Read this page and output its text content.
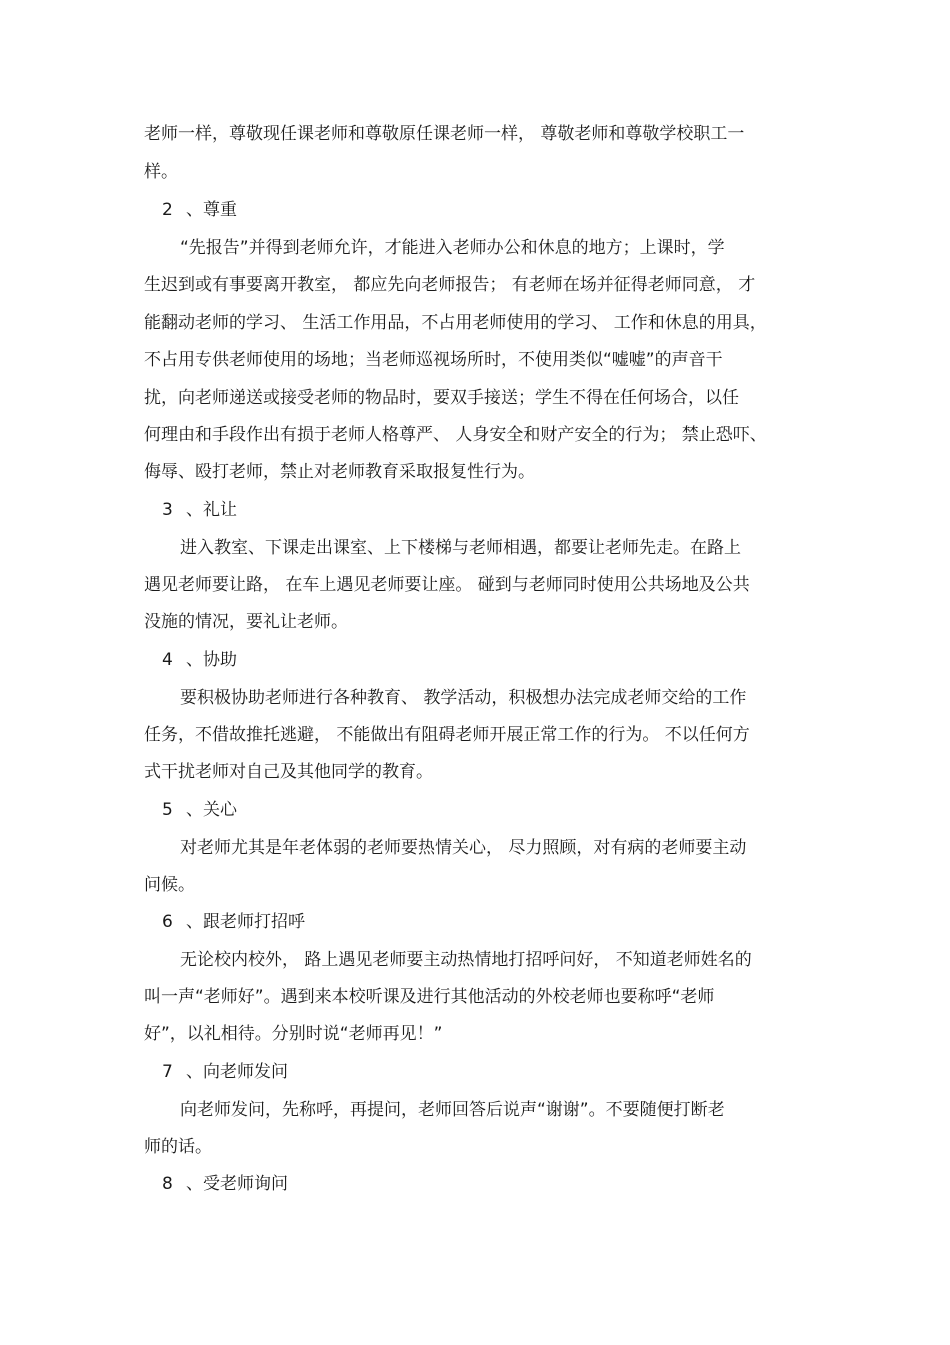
老师一样，尊敬现任课老师和尊敬原任课老师一样， 尊敬老师和尊敬学校职工一
样。
2 、尊重
“先报告”并得到老师允许，才能进入老师办公和休息的地方；上课时，学
生迟到或有事要离开教室， 都应先向老师报告； 有老师在场并征得老师同意， 才
能翻动老师的学习、 生活工作用品，不占用老师使用的学习、 工作和休息的用具，
不占用专供老师使用的场地；当老师巡视场所时，不使用类似“嘘嘘”的声音干
扰，向老师递送或接受老师的物品时，要双手接送；学生不得在任何场合，以任
何理由和手段作出有损于老师人格尊严、 人身安全和财产安全的行为； 禁止恐吓、
侮辱、殴打老师，禁止对老师教育采取报复性行为。
3 、礼让
进入教室、下课走出课室、上下楼梯与老师相遇，都要让老师先走。在路上
遇见老师要让路， 在车上遇见老师要让座。 碰到与老师同时使用公共场地及公共
没施的情况，要礼让老师。
4 、协助
要积极协助老师进行各种教育、 教学活动，积极想办法完成老师交给的工作
任务，不借故推托逃避， 不能做出有阻碍老师开展正常工作的行为。 不以任何方
式干扰老师对自己及其他同学的教育。
5 、关心
对老师尤其是年老体弱的老师要热情关心， 尽力照顾，对有病的老师要主动
问候。
6 、跟老师打招呼
无论校内校外， 路上遇见老师要主动热情地打招呼问好， 不知道老师姓名的
叫一声“老师好”。遇到来本校听课及进行其他活动的外校老师也要称呼“老师
好”，以礼相待。分别时说“老师再见！”
7 、向老师发问
向老师发问，先称呼，再提问，老师回答后说声“谢谢”。不要随便打断老
师的话。
8 、受老师询问
